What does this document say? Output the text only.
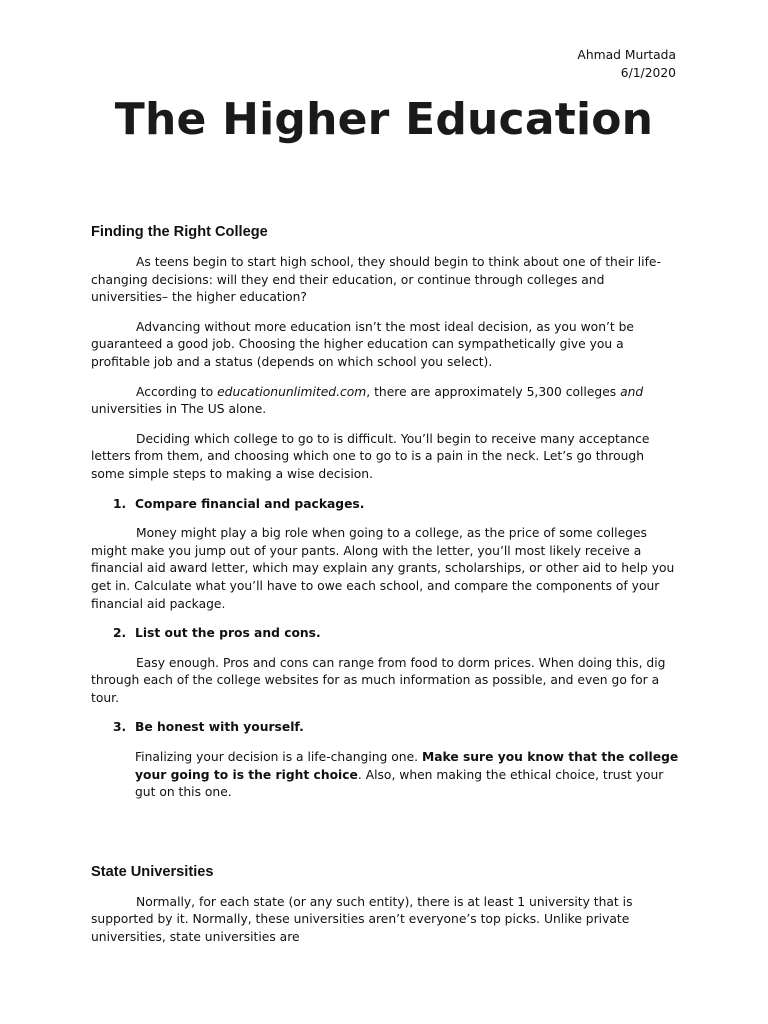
Ahmad Murtada
6/1/2020
The Higher Education
Finding the Right College

As teens begin to start high school, they should begin to think about one of their life-changing decisions: will they end their education, or continue through colleges and universities– the higher education?

Advancing without more education isn’t the most ideal decision, as you won’t be guaranteed a good job. Choosing the higher education can sympathetically give you a profitable job and a status (depends on which school you select).

According to educationunlimited.com, there are approximately 5,300 colleges and universities in The US alone.

Deciding which college to go to is difficult. You’ll begin to receive many acceptance letters from them, and choosing which one to go to is a pain in the neck. Let’s go through some simple steps to making a wise decision.

1. Compare financial and packages.

Money might play a big role when going to a college, as the price of some colleges might make you jump out of your pants. Along with the letter, you’ll most likely receive a financial aid award letter, which may explain any grants, scholarships, or other aid to help you get in. Calculate what you’ll have to owe each school, and compare the components of your financial aid package.

2. List out the pros and cons.

Easy enough. Pros and cons can range from food to dorm prices. When doing this, dig through each of the college websites for as much information as possible, and even go for a tour.

3. Be honest with yourself.
Finalizing your decision is a life-changing one. Make sure you know that the college your going to is the right choice. Also, when making the ethical choice, trust your gut on this one.
State Universities

Normally, for each state (or any such entity), there is at least 1 university that is supported by it. Normally, these universities aren’t everyone’s top picks. Unlike private universities, state universities are
